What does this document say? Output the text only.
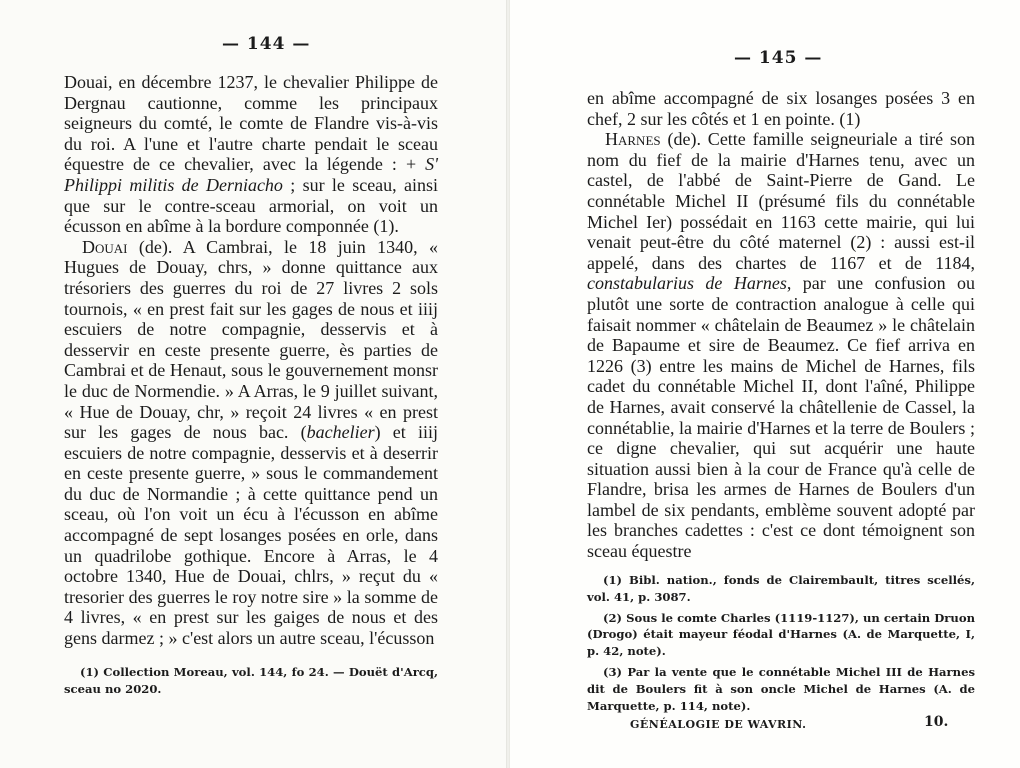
— 144 —

Douai, en décembre 1237, le chevalier Philippe de Dergnau cautionne, comme les principaux seigneurs du comté, le comte de Flandre vis-à-vis du roi. A l'une et l'autre charte pendait le sceau équestre de ce chevalier, avec la légende : + S' Philippi militis de Derniacho ; sur le sceau, ainsi que sur le contre-sceau armorial, on voit un écusson en abîme à la bordure componnée (1).

Douai (de). A Cambrai, le 18 juin 1340, « Hugues de Douay, chrs, » donne quittance aux trésoriers des guerres du roi de 27 livres 2 sols tournois, « en prest fait sur les gages de nous et iiij escuiers de notre compagnie, desservis et à desservir en ceste presente guerre, ès parties de Cambrai et de Henaut, sous le gouvernement monsr le duc de Normendie. » A Arras, le 9 juillet suivant, « Hue de Douay, chr, » reçoit 24 livres « en prest sur les gages de nous bac. (bachelier) et iiij escuiers de notre compagnie, desservis et à deserrir en ceste presente guerre, » sous le commandement du duc de Normandie ; à cette quittance pend un sceau, où l'on voit un écu à l'écusson en abîme accompagné de sept losanges posées en orle, dans un quadrilobe gothique. Encore à Arras, le 4 octobre 1340, Hue de Douai, chlrs, » reçut du « tresorier des guerres le roy notre sire » la somme de 4 livres, « en prest sur les gaiges de nous et des gens darmez ; » c'est alors un autre sceau, l'écusson

(1) Collection Moreau, vol. 144, fo 24. — Douët d'Arcq, sceau no 2020.

— 145 —

en abîme accompagné de six losanges posées 3 en chef, 2 sur les côtés et 1 en pointe. (1)

Harnes (de). Cette famille seigneuriale a tiré son nom du fief de la mairie d'Harnes tenu, avec un castel, de l'abbé de Saint-Pierre de Gand. Le connétable Michel II (présumé fils du connétable Michel Ier) possédait en 1163 cette mairie, qui lui venait peut-être du côté maternel (2) : aussi est-il appelé, dans des chartes de 1167 et de 1184, constabularius de Harnes, par une confusion ou plutôt une sorte de contraction analogue à celle qui faisait nommer « châtelain de Beaumez » le châtelain de Bapaume et sire de Beaumez. Ce fief arriva en 1226 (3) entre les mains de Michel de Harnes, fils cadet du connétable Michel II, dont l'aîné, Philippe de Harnes, avait conservé la châtellenie de Cassel, la connétablie, la mairie d'Harnes et la terre de Boulers ; ce digne chevalier, qui sut acquérir une haute situation aussi bien à la cour de France qu'à celle de Flandre, brisa les armes de Harnes de Boulers d'un lambel de six pendants, emblème souvent adopté par les branches cadettes : c'est ce dont témoignent son sceau équestre

(1) Bibl. nation., fonds de Clairembault, titres scellés, vol. 41, p. 3087.

(2) Sous le comte Charles (1119-1127), un certain Druon (Drogo) était mayeur féodal d'Harnes (A. de Marquette, I, p. 42, note).

(3) Par la vente que le connétable Michel III de Harnes dit de Boulers fit à son oncle Michel de Harnes (A. de Marquette, p. 114, note).

GÉNÉALOGIE DE WAVRIN.	10.
